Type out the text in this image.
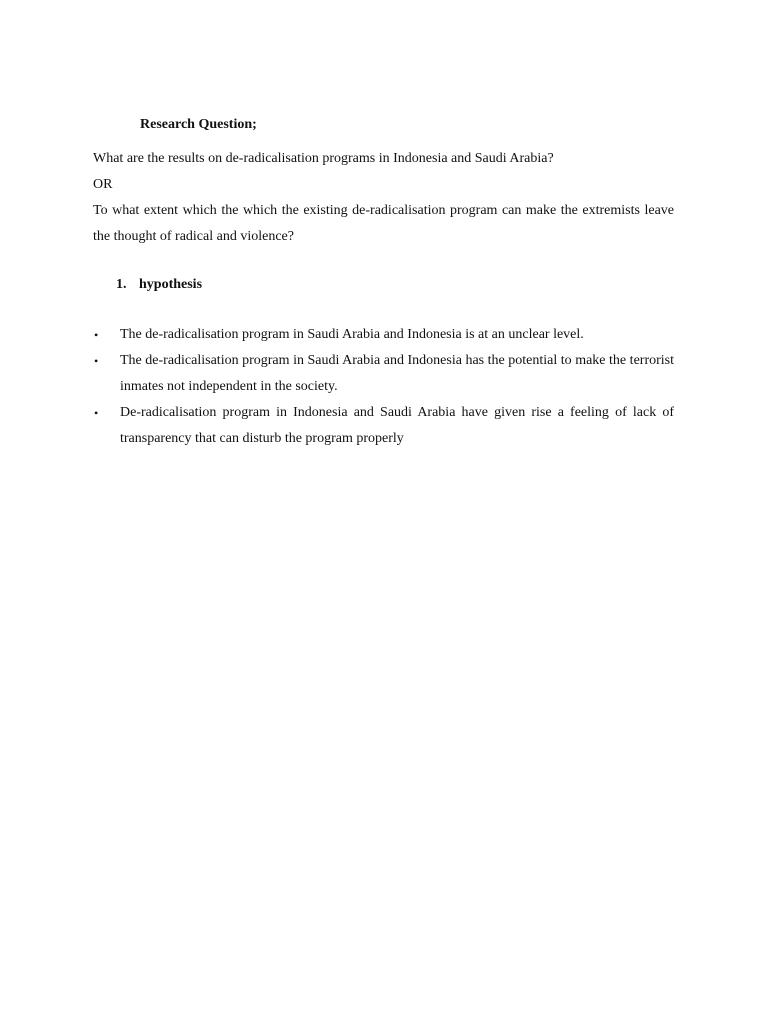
Research Question;

What are the results on de-radicalisation programs in Indonesia and Saudi Arabia?

OR

To what extent which the which the existing de-radicalisation program can make the extremists leave the thought of radical and violence?

1. hypothesis
• The de-radicalisation program in Saudi Arabia and Indonesia is at an unclear level.
• The de-radicalisation program in Saudi Arabia and Indonesia has the potential to make the terrorist inmates not independent in the society.
• De-radicalisation program in Indonesia and Saudi Arabia have given rise a feeling of lack of transparency that can disturb the program properly
